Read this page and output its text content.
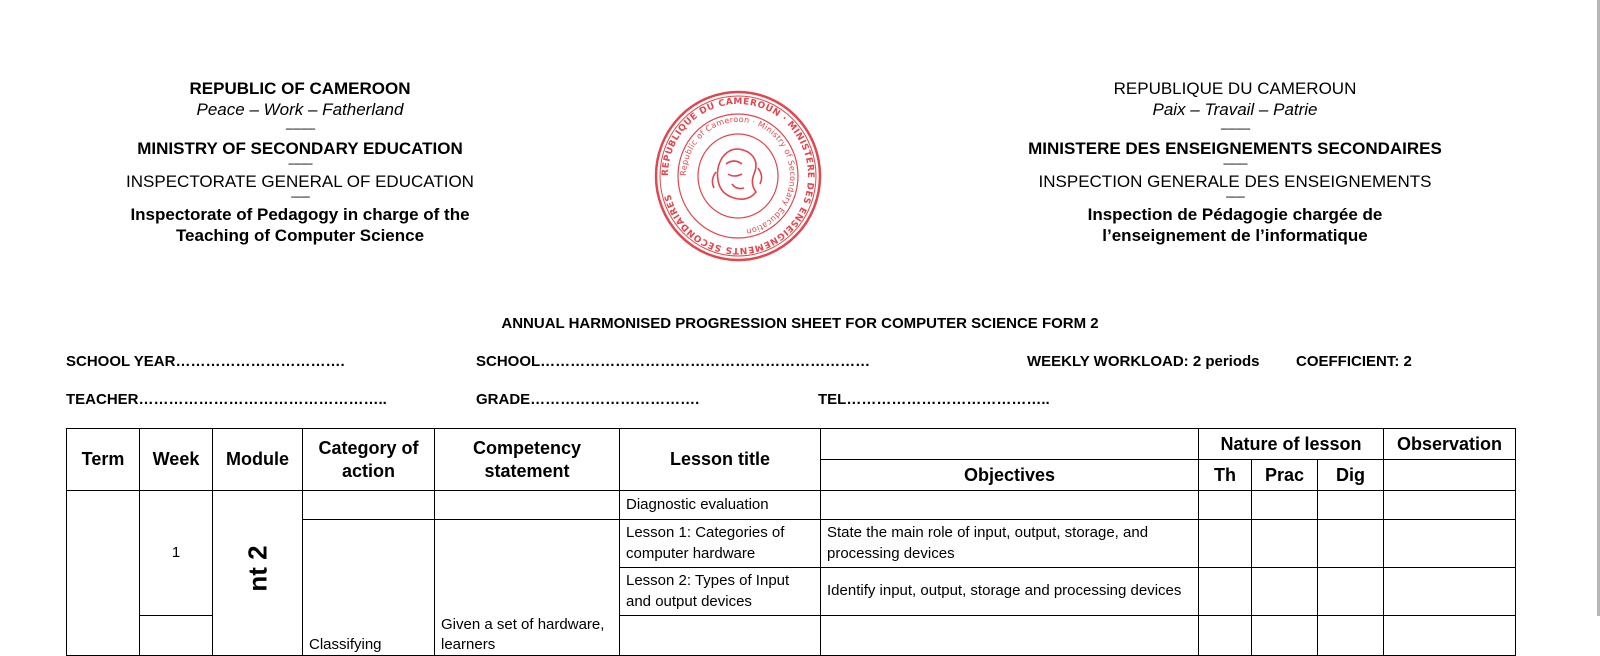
REPUBLIC OF CAMEROON
Peace – Work – Fatherland
-----------
MINISTRY OF SECONDARY EDUCATION
---------
INSPECTORATE GENERAL OF EDUCATION
-------
Inspectorate of Pedagogy in charge of the
Teaching of Computer Science
REPUBLIQUE DU CAMEROUN · MINISTERE DES ENSEIGNEMENTS SECONDAIRES
Republic of Cameroon · Ministry of Secondary Education
REPUBLIQUE DU CAMEROUN
Paix – Travail – Patrie
-----------
MINISTERE DES ENSEIGNEMENTS SECONDAIRES
---------
INSPECTION GENERALE DES ENSEIGNEMENTS
-------
Inspection de Pédagogie chargée de
l’enseignement de l’informatique
ANNUAL HARMONISED PROGRESSION SHEET FOR COMPUTER SCIENCE FORM 2
SCHOOL YEAR…………………………….	SCHOOL…………………………………………………………	WEEKLY WORKLOAD: 2 periods COEFFICIENT: 2
TEACHER…………………………………………..	GRADE…………………………….	TEL…………………………………..
Term	Week	Module	Category of action	Competency statement	Lesson title		Nature of lesson			Observation
						Objectives	Th	Prac	Dig	
	1	nt 2			Diagnostic evaluation					
			Classifying	Given a set of hardware, learners	Lesson 1: Categories of computer hardware	State the main role of input, output, storage, and processing devices				
					Lesson 2: Types of Input and output devices	Identify input, output, storage and processing devices				
